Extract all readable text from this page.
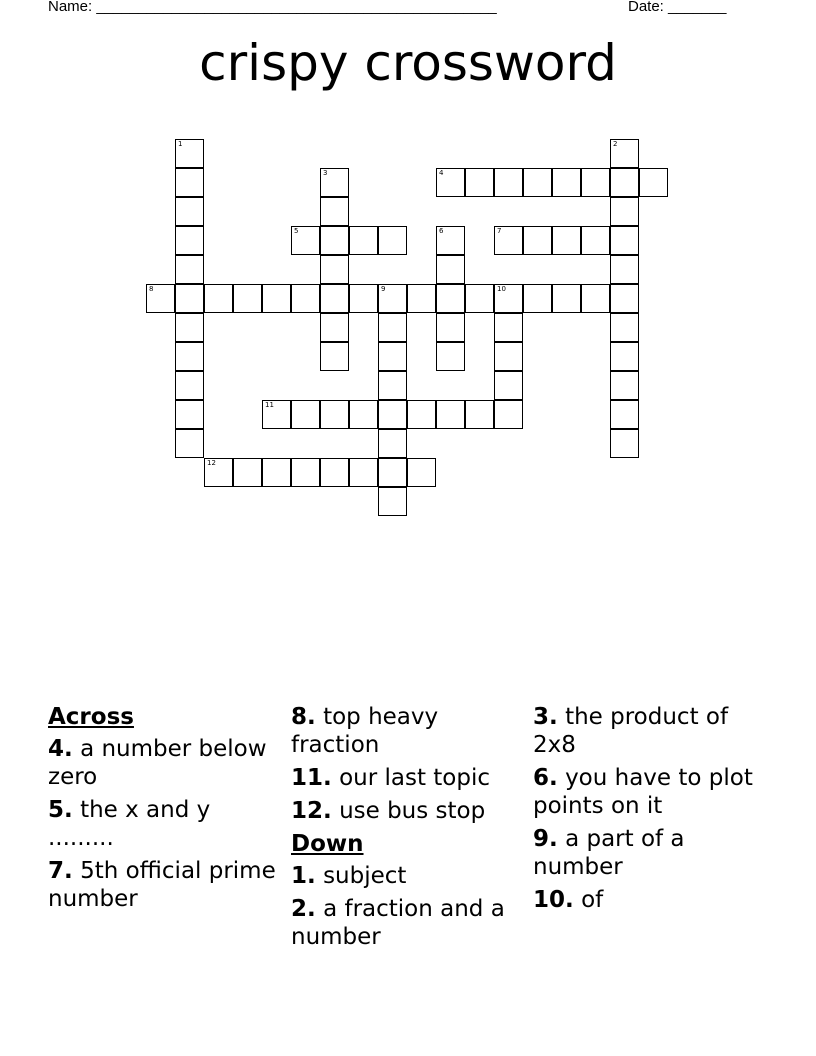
Name: ________________________________________________	Date: _______
crispy crossword
1	2
3	4
5	6	7
8	9	10
11
12
Across
4. a number below zero
5. the x and y .........
7. 5th official prime number
8. top heavy fraction
11. our last topic
12. use bus stop
Down
1. subject
2. a fraction and a number
3. the product of 2x8
6. you have to plot points on it
9. a part of a number
10. of
